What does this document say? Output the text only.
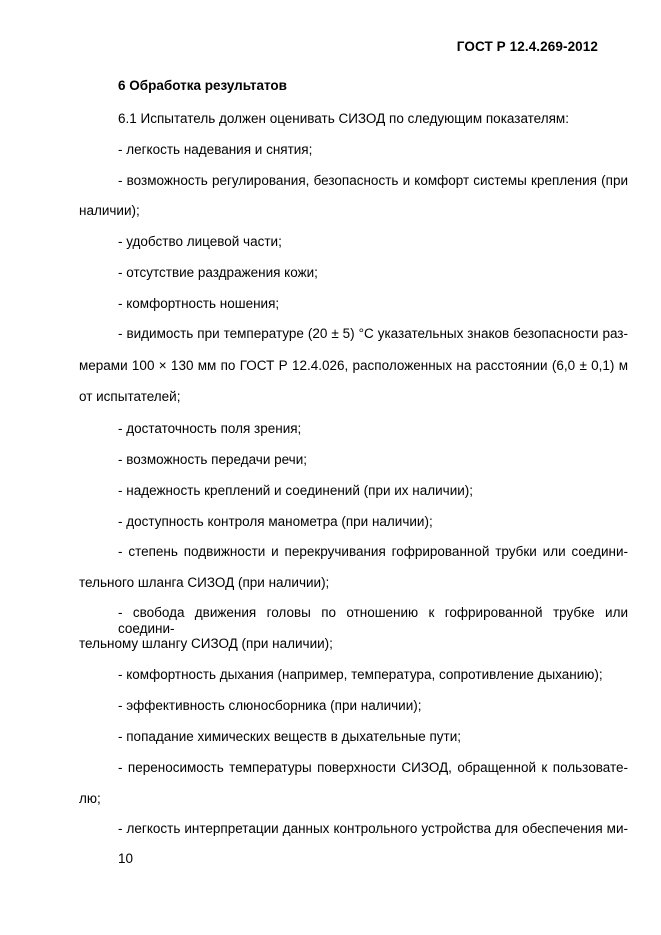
ГОСТ Р 12.4.269-2012
6 Обработка результатов
6.1 Испытатель должен оценивать СИЗОД по следующим показателям:
- легкость надевания и снятия;
- возможность регулирования, безопасность и комфорт системы крепления (при
наличии);
- удобство лицевой части;
- отсутствие раздражения кожи;
- комфортность ношения;
- видимость при температуре (20 ± 5) °С указательных знаков безопасности раз-
мерами 100 × 130 мм по ГОСТ Р 12.4.026, расположенных на расстоянии (6,0 ± 0,1) м
от испытателей;
- достаточность поля зрения;
- возможность передачи речи;
- надежность креплений и соединений (при их наличии);
- доступность контроля манометра (при наличии);
- степень подвижности и перекручивания гофрированной трубки или соедини-
тельного шланга СИЗОД (при наличии);
- свобода движения головы по отношению к гофрированной трубке или соедини-
тельному шлангу СИЗОД (при наличии);
- комфортность дыхания (например, температура, сопротивление дыханию);
- эффективность слюносборника (при наличии);
- попадание химических веществ в дыхательные пути;
- переносимость температуры поверхности СИЗОД, обращенной к пользовате-
лю;
- легкость интерпретации данных контрольного устройства для обеспечения ми-
10
